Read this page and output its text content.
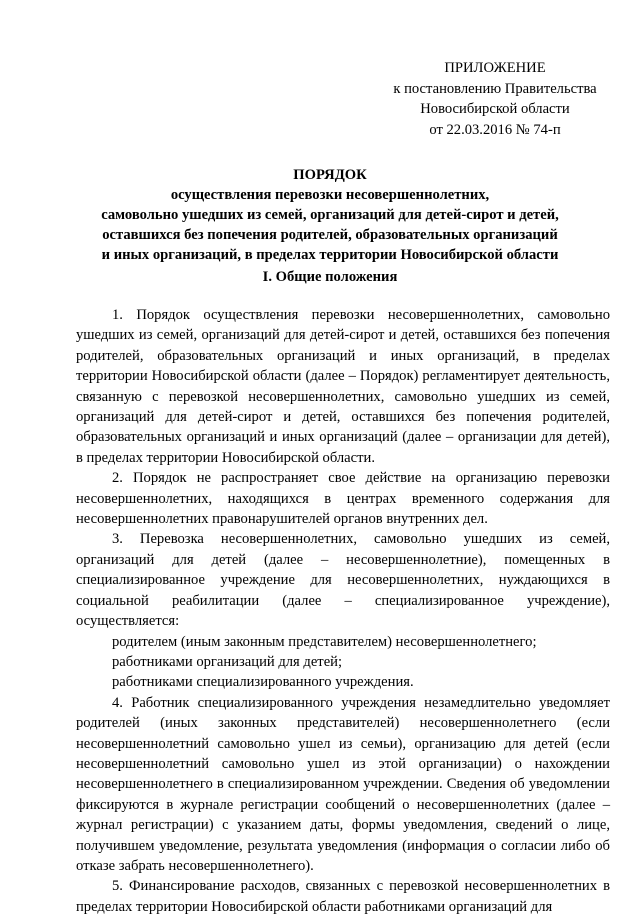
ПРИЛОЖЕНИЕ
к постановлению Правительства
Новосибирской области
от 22.03.2016 № 74-п
ПОРЯДОК
осуществления перевозки несовершеннолетних,
самовольно ушедших из семей, организаций для детей-сирот и детей,
оставшихся без попечения родителей, образовательных организаций
и иных организаций, в пределах территории Новосибирской области
I. Общие положения

1. Порядок осуществления перевозки несовершеннолетних, самовольно ушедших из семей, организаций для детей-сирот и детей, оставшихся без попечения родителей, образовательных организаций и иных организаций, в пределах территории Новосибирской области (далее – Порядок) регламентирует деятельность, связанную с перевозкой несовершеннолетних, самовольно ушедших из семей, организаций для детей-сирот и детей, оставшихся без попечения родителей, образовательных организаций и иных организаций (далее – организации для детей), в пределах территории Новосибирской области.

2. Порядок не распространяет свое действие на организацию перевозки несовершеннолетних, находящихся в центрах временного содержания для несовершеннолетних правонарушителей органов внутренних дел.

3. Перевозка несовершеннолетних, самовольно ушедших из семей, организаций для детей (далее – несовершеннолетние), помещенных в специализированное учреждение для несовершеннолетних, нуждающихся в социальной реабилитации (далее – специализированное учреждение), осуществляется:

родителем (иным законным представителем) несовершеннолетнего;

работниками организаций для детей;

работниками специализированного учреждения.

4. Работник специализированного учреждения незамедлительно уведомляет родителей (иных законных представителей) несовершеннолетнего (если несовершеннолетний самовольно ушел из семьи), организацию для детей (если несовершеннолетний самовольно ушел из этой организации) о нахождении несовершеннолетнего в специализированном учреждении. Сведения об уведомлении фиксируются в журнале регистрации сообщений о несовершеннолетних (далее – журнал регистрации) с указанием даты, формы уведомления, сведений о лице, получившем уведомление, результата уведомления (информация о согласии либо об отказе забрать несовершеннолетнего).

5. Финансирование расходов, связанных с перевозкой несовершеннолетних в пределах территории Новосибирской области работниками организаций для
